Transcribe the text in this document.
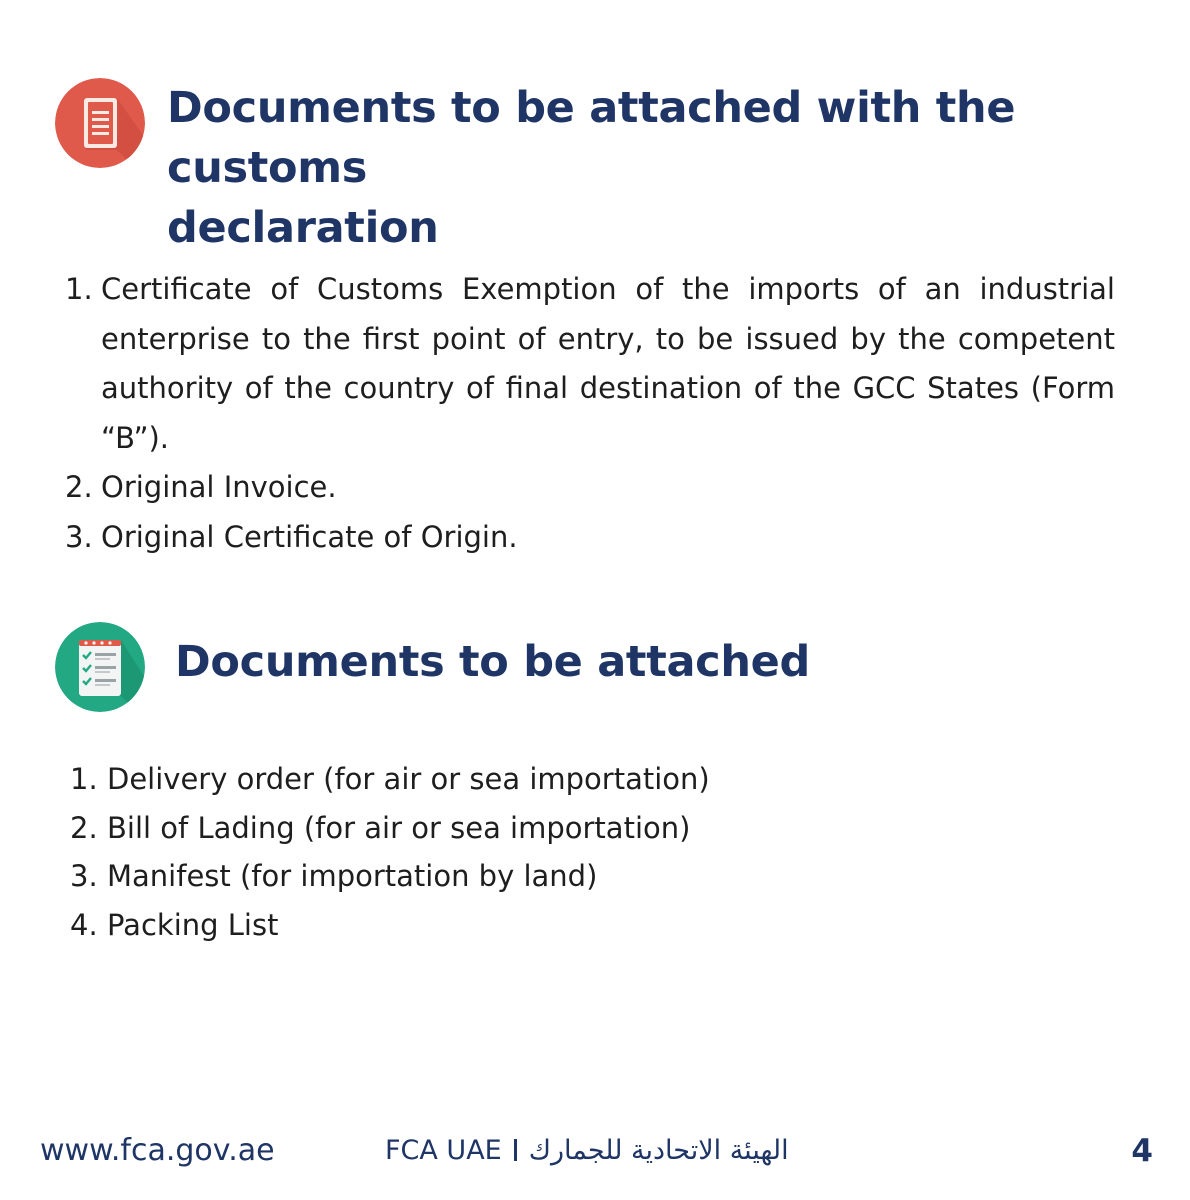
Documents to be attached with the customs
declaration
1. Certificate of Customs Exemption of the imports of an industrial enterprise to the first point of entry, to be issued by the competent authority of the country of final destination of the GCC States (Form “B”).
2. Original Invoice.
3. Original Certificate of Origin.
Documents to be attached
1. Delivery order (for air or sea importation)
2. Bill of Lading (for air or sea importation)
3. Manifest (for importation by land)
4. Packing List
www.fca.gov.ae	FCA UAE الهيئة الاتحادية للجمارك	4
